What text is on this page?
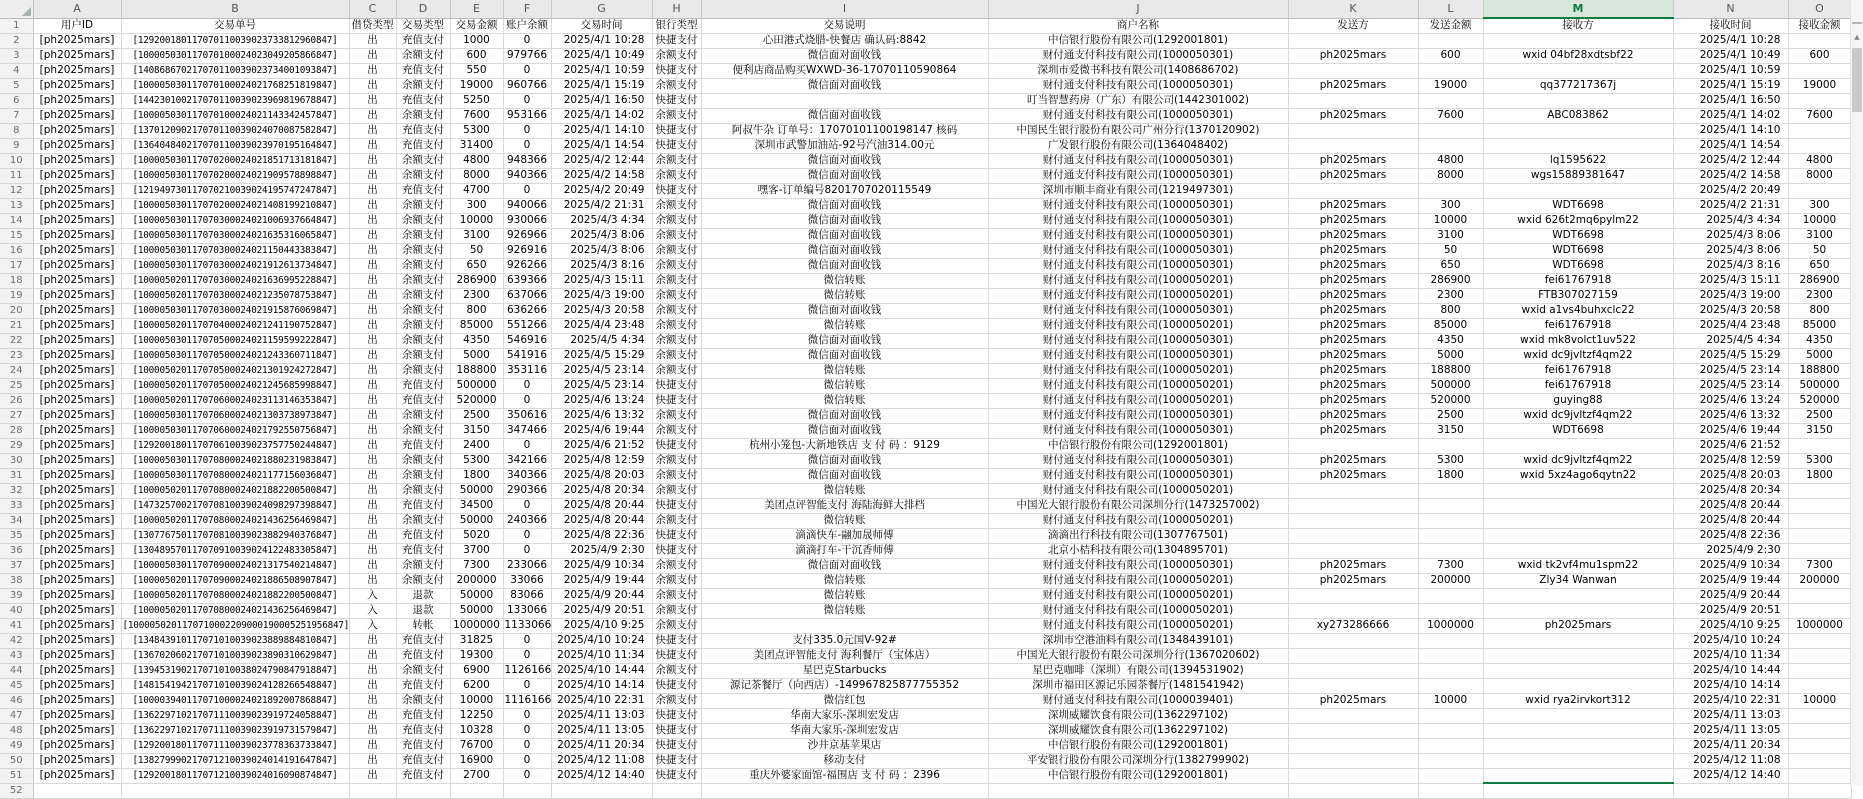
	A	B	C	D	E	F	G	H	I	J	K	L	M	N	O
1	用户ID	交易单号	借贷类型	交易类型	交易金额	账户余额	交易时间	银行类型	交易说明	商户名称	发送方	发送金额	接收方	接收时间	接收金额
2	[ph2025mars]	[129200180117070110039023733812960847]	出	充值支付	1000	0	2025/4/1 10:28	快捷支付	心田港式烧腊-快餐店 确认码:8842	中信银行股份有限公司(1292001801)				2025/4/1 10:28	
3	[ph2025mars]	[100005030117070100024023049205866847]	出	余额支付	600	979766	2025/4/1 10:49	余额支付	微信面对面收钱	财付通支付科技有限公司(1000050301)	ph2025mars	600	wxid 04bf28xdtsbf22	2025/4/1 10:49	600
4	[ph2025mars]	[140868670217070110039023734001093847]	出	充值支付	550	0	2025/4/1 10:59	快捷支付	便利店商品购买WXWD-36-17070110590864	深圳市爱微书科技有限公司(1408686702)				2025/4/1 10:59	
5	[ph2025mars]	[100005030117070100024021768251819847]	出	余额支付	19000	960766	2025/4/1 15:19	余额支付	微信面对面收钱	财付通支付科技有限公司(1000050301)	ph2025mars	19000	qq377217367j	2025/4/1 15:19	19000
6	[ph2025mars]	[144230100217070110039023969819678847]	出	充值支付	5250	0	2025/4/1 16:50	快捷支付		叮当智慧药房（广东）有限公司(1442301002)				2025/4/1 16:50	
7	[ph2025mars]	[100005030117070100024021143342457847]	出	余额支付	7600	953166	2025/4/1 14:02	余额支付	微信面对面收钱	财付通支付科技有限公司(1000050301)	ph2025mars	7600	ABC083862	2025/4/1 14:02	7600
8	[ph2025mars]	[137012090217070110039024070087582847]	出	充值支付	5300	0	2025/4/1 14:10	快捷支付	阿叔牛杂 订单号：17070101100198147 核码	中国民生银行股份有限公司广州分行(1370120902)				2025/4/1 14:10	
9	[ph2025mars]	[136404840217070110039023970195164847]	出	充值支付	31400	0	2025/4/1 14:54	快捷支付	深圳市武警加油站-92号汽油314.00元	广发银行股份有限公司(1364048402)				2025/4/1 14:54	
10	[ph2025mars]	[100005030117070200024021851713181847]	出	余额支付	4800	948366	2025/4/2 12:44	余额支付	微信面对面收钱	财付通支付科技有限公司(1000050301)	ph2025mars	4800	lq1595622	2025/4/2 12:44	4800
11	[ph2025mars]	[100005030117070200024021909578898847]	出	余额支付	8000	940366	2025/4/2 14:58	余额支付	微信面对面收钱	财付通支付科技有限公司(1000050301)	ph2025mars	8000	wgs15889381647	2025/4/2 14:58	8000
12	[ph2025mars]	[121949730117070210039024195747247847]	出	充值支付	4700	0	2025/4/2 20:49	快捷支付	嘿客-订单编号8201707020115549	深圳市顺丰商业有限公司(1219497301)				2025/4/2 20:49	
13	[ph2025mars]	[100005030117070200024021408199210847]	出	余额支付	300	940066	2025/4/2 21:31	余额支付	微信面对面收钱	财付通支付科技有限公司(1000050301)	ph2025mars	300	WDT6698	2025/4/2 21:31	300
14	[ph2025mars]	[100005030117070300024021006937664847]	出	余额支付	10000	930066	2025/4/3 4:34	余额支付	微信面对面收钱	财付通支付科技有限公司(1000050301)	ph2025mars	10000	wxid 626t2mq6pylm22	2025/4/3 4:34	10000
15	[ph2025mars]	[100005030117070300024021635316065847]	出	余额支付	3100	926966	2025/4/3 8:06	余额支付	微信面对面收钱	财付通支付科技有限公司(1000050301)	ph2025mars	3100	WDT6698	2025/4/3 8:06	3100
16	[ph2025mars]	[100005030117070300024021150443383847]	出	余额支付	50	926916	2025/4/3 8:06	余额支付	微信面对面收钱	财付通支付科技有限公司(1000050301)	ph2025mars	50	WDT6698	2025/4/3 8:06	50
17	[ph2025mars]	[100005030117070300024021912613734847]	出	余额支付	650	926266	2025/4/3 8:16	余额支付	微信面对面收钱	财付通支付科技有限公司(1000050301)	ph2025mars	650	WDT6698	2025/4/3 8:16	650
18	[ph2025mars]	[100005020117070300024021636995228847]	出	余额支付	286900	639366	2025/4/3 15:11	余额支付	微信转账	财付通支付科技有限公司(1000050201)	ph2025mars	286900	fei61767918	2025/4/3 15:11	286900
19	[ph2025mars]	[100005020117070300024021235078753847]	出	余额支付	2300	637066	2025/4/3 19:00	余额支付	微信转账	财付通支付科技有限公司(1000050201)	ph2025mars	2300	FTB307027159	2025/4/3 19:00	2300
20	[ph2025mars]	[100005030117070300024021915876069847]	出	余额支付	800	636266	2025/4/3 20:58	余额支付	微信面对面收钱	财付通支付科技有限公司(1000050301)	ph2025mars	800	wxid a1vs4buhxclc22	2025/4/3 20:58	800
21	[ph2025mars]	[100005020117070400024021241190752847]	出	余额支付	85000	551266	2025/4/4 23:48	余额支付	微信转账	财付通支付科技有限公司(1000050201)	ph2025mars	85000	fei61767918	2025/4/4 23:48	85000
22	[ph2025mars]	[100005030117070500024021159599222847]	出	余额支付	4350	546916	2025/4/5 4:34	余额支付	微信面对面收钱	财付通支付科技有限公司(1000050301)	ph2025mars	4350	wxid mk8volct1uv522	2025/4/5 4:34	4350
23	[ph2025mars]	[100005030117070500024021243360711847]	出	余额支付	5000	541916	2025/4/5 15:29	余额支付	微信面对面收钱	财付通支付科技有限公司(1000050301)	ph2025mars	5000	wxid dc9jvltzf4qm22	2025/4/5 15:29	5000
24	[ph2025mars]	[100005020117070500024021301924272847]	出	余额支付	188800	353116	2025/4/5 23:14	余额支付	微信转账	财付通支付科技有限公司(1000050201)	ph2025mars	188800	fei61767918	2025/4/5 23:14	188800
25	[ph2025mars]	[100005020117070500024021245685998847]	出	充值支付	500000	0	2025/4/5 23:14	快捷支付	微信转账	财付通支付科技有限公司(1000050201)	ph2025mars	500000	fei61767918	2025/4/5 23:14	500000
26	[ph2025mars]	[100005020117070600024023113146353847]	出	充值支付	520000	0	2025/4/6 13:24	快捷支付	微信转账	财付通支付科技有限公司(1000050201)	ph2025mars	520000	guying88	2025/4/6 13:24	520000
27	[ph2025mars]	[100005030117070600024021303738973847]	出	余额支付	2500	350616	2025/4/6 13:32	余额支付	微信面对面收钱	财付通支付科技有限公司(1000050301)	ph2025mars	2500	wxid dc9jvltzf4qm22	2025/4/6 13:32	2500
28	[ph2025mars]	[100005030117070600024021792550756847]	出	余额支付	3150	347466	2025/4/6 19:44	余额支付	微信面对面收钱	财付通支付科技有限公司(1000050301)	ph2025mars	3150	WDT6698	2025/4/6 19:44	3150
29	[ph2025mars]	[129200180117070610039023757750244847]	出	充值支付	2400	0	2025/4/6 21:52	快捷支付	杭州小笼包-大新地铁店 支 付 码 ：9129	中信银行股份有限公司(1292001801)				2025/4/6 21:52	
30	[ph2025mars]	[100005030117070800024021880231983847]	出	余额支付	5300	342166	2025/4/8 12:59	余额支付	微信面对面收钱	财付通支付科技有限公司(1000050301)	ph2025mars	5300	wxid dc9jvltzf4qm22	2025/4/8 12:59	5300
31	[ph2025mars]	[100005030117070800024021177156036847]	出	余额支付	1800	340366	2025/4/8 20:03	余额支付	微信面对面收钱	财付通支付科技有限公司(1000050301)	ph2025mars	1800	wxid 5xz4ago6qytn22	2025/4/8 20:03	1800
32	[ph2025mars]	[100005020117070800024021882200500847]	出	余额支付	50000	290366	2025/4/8 20:34	余额支付	微信转账	财付通支付科技有限公司(1000050201)				2025/4/8 20:34	
33	[ph2025mars]	[147325700217070810039024098297398847]	出	充值支付	34500	0	2025/4/8 20:44	快捷支付	美团点评智能支付 海陆海鲜大排档	中国光大银行股份有限公司深圳分行(1473257002)				2025/4/8 20:44	
34	[ph2025mars]	[100005020117070800024021436256469847]	出	余额支付	50000	240366	2025/4/8 20:44	余额支付	微信转账	财付通支付科技有限公司(1000050201)				2025/4/8 20:44	
35	[ph2025mars]	[130776750117070810039023882940376847]	出	充值支付	5020	0	2025/4/8 22:36	快捷支付	滴滴快车-翮加晟师傅	滴滴出行科技有限公司(1307767501)				2025/4/8 22:36	
36	[ph2025mars]	[130489570117070910039024122483305847]	出	充值支付	3700	0	2025/4/9 2:30	快捷支付	滴滴打车-干沉香师傅	北京小桔科技有限公司(1304895701)				2025/4/9 2:30	
37	[ph2025mars]	[100005030117070900024021317540214847]	出	余额支付	7300	233066	2025/4/9 10:34	余额支付	微信面对面收钱	财付通支付科技有限公司(1000050301)	ph2025mars	7300	wxid tk2vf4mu1spm22	2025/4/9 10:34	7300
38	[ph2025mars]	[100005020117070900024021886508907847]	出	余额支付	200000	33066	2025/4/9 19:44	余额支付	微信转账	财付通支付科技有限公司(1000050201)	ph2025mars	200000	Zly34 Wanwan	2025/4/9 19:44	200000
39	[ph2025mars]	[100005020117070800024021882200500847]	入	退款	50000	83066	2025/4/9 20:44	余额支付	微信转账	财付通支付科技有限公司(1000050201)				2025/4/9 20:44	
40	[ph2025mars]	[100005020117070800024021436256469847]	入	退款	50000	133066	2025/4/9 20:51	余额支付	微信转账	财付通支付科技有限公司(1000050201)				2025/4/9 20:51	
41	[ph2025mars]	[1000050201170710002209000190005251956847]	入	转帐	1000000	1133066	2025/4/10 9:25	余额支付		财付通支付科技有限公司(1000050201)	xy273286666	1000000	ph2025mars	2025/4/10 9:25	1000000
42	[ph2025mars]	[134843910117071010039023889884810847]	出	充值支付	31825	0	2025/4/10 10:24	快捷支付	支付335.0元国V-92#	深圳市空港油料有限公司(1348439101)				2025/4/10 10:24	
43	[ph2025mars]	[136702060217071010039023890310629847]	出	充值支付	19300	0	2025/4/10 11:34	快捷支付	美团点评智能支付 海利餐厅（宝体店）	中国光大银行股份有限公司深圳分行(1367020602)				2025/4/10 11:34	
44	[ph2025mars]	[139453190217071010038024790847918847]	出	余额支付	6900	1126166	2025/4/10 14:44	余额支付	星巴克Starbucks	星巴克咖啡（深圳）有限公司(1394531902)				2025/4/10 14:44	
45	[ph2025mars]	[148154194217071010039024128266548847]	出	充值支付	6200	0	2025/4/10 14:14	快捷支付	源记茶餐厅（向西店）-149967825877755352	深圳市福田区源记乐园茶餐厅(1481541942)				2025/4/10 14:14	
46	[ph2025mars]	[100003940117071000024021892007868847]	出	余额支付	10000	1116166	2025/4/10 22:31	余额支付	微信红包	财付通支付科技有限公司(1000039401)	ph2025mars	10000	wxid rya2irvkort312	2025/4/10 22:31	10000
47	[ph2025mars]	[136229710217071110039023919724058847]	出	充值支付	12250	0	2025/4/11 13:03	快捷支付	华南大家乐-深圳宏发店	深圳威耀饮食有限公司(1362297102)				2025/4/11 13:03	
48	[ph2025mars]	[136229710217071110039023919731579847]	出	充值支付	10328	0	2025/4/11 13:05	快捷支付	华南大家乐-深圳宏发店	深圳威耀饮食有限公司(1362297102)				2025/4/11 13:05	
49	[ph2025mars]	[129200180117071110039023778363733847]	出	充值支付	76700	0	2025/4/11 20:34	快捷支付	沙井京基苹果店	中信银行股份有限公司(1292001801)				2025/4/11 20:34	
50	[ph2025mars]	[138279990217071210039024014191647847]	出	充值支付	16900	0	2025/4/12 11:08	快捷支付	移动支付	平安银行股份有限公司深圳分行(1382799902)				2025/4/12 11:08	
51	[ph2025mars]	[129200180117071210039024016090874847]	出	充值支付	2700	0	2025/4/12 14:40	快捷支付	重庆外婆家面馆-福围店 支 付 码 ：2396	中信银行股份有限公司(1292001801)				2025/4/12 14:40	
52															
▲
